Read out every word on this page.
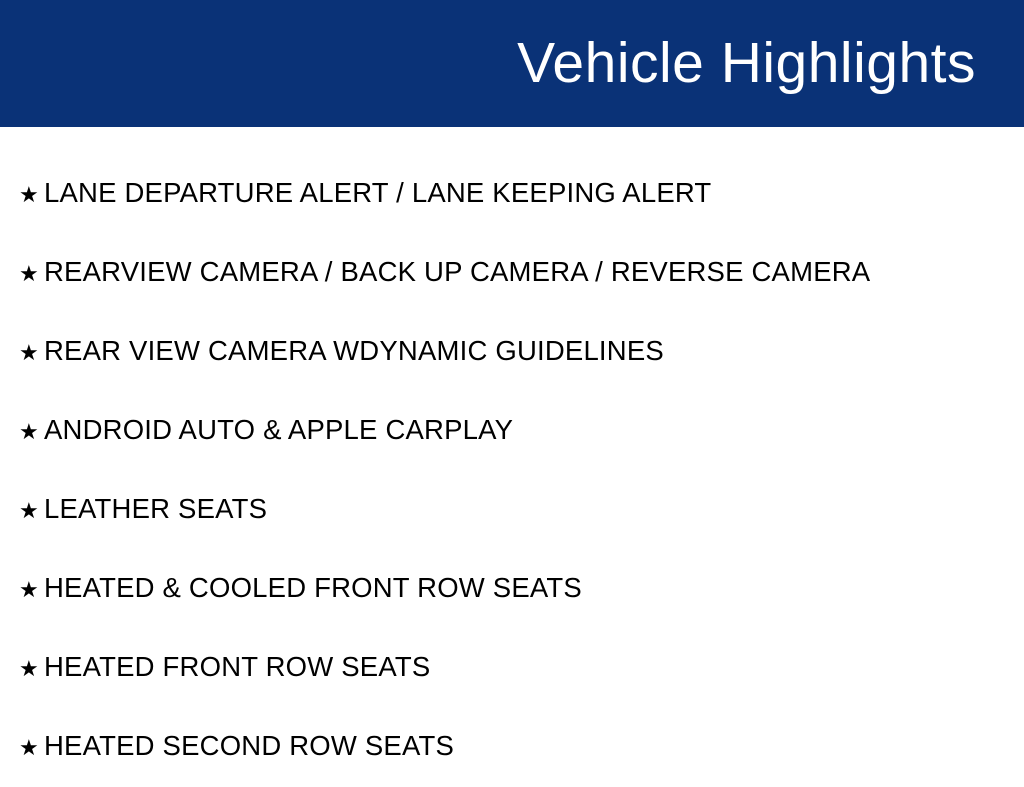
Vehicle Highlights
★ LANE DEPARTURE ALERT / LANE KEEPING ALERT
★ REARVIEW CAMERA / BACK UP CAMERA / REVERSE CAMERA
★ REAR VIEW CAMERA WDYNAMIC GUIDELINES
★ ANDROID AUTO & APPLE CARPLAY
★ LEATHER SEATS
★ HEATED & COOLED FRONT ROW SEATS
★ HEATED FRONT ROW SEATS
★ HEATED SECOND ROW SEATS
